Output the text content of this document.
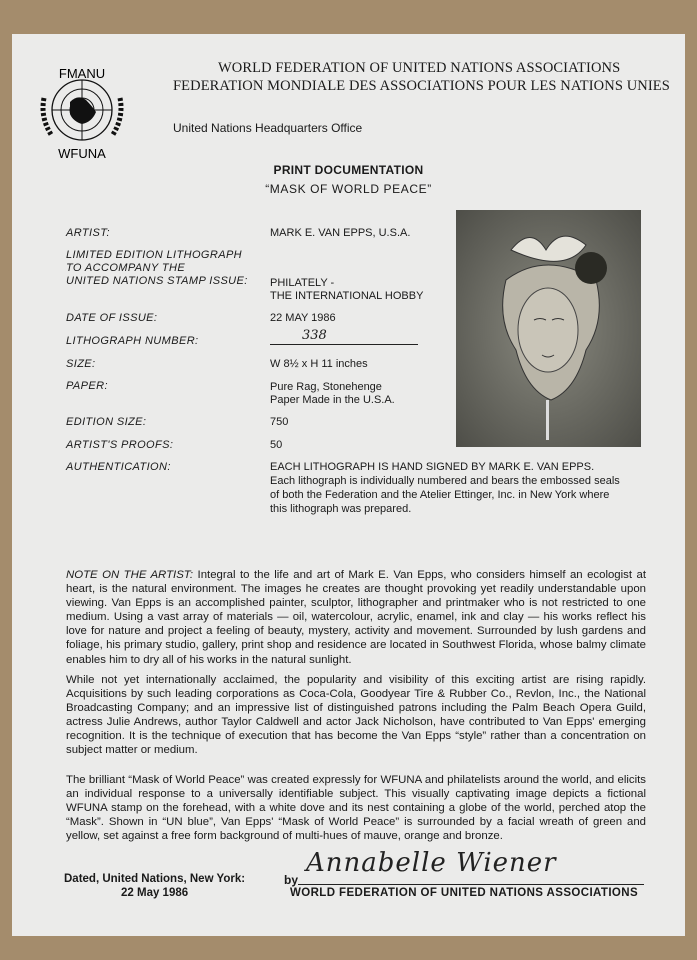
FMANU
WFUNA
WORLD FEDERATION OF UNITED NATIONS ASSOCIATIONS
FEDERATION MONDIALE DES ASSOCIATIONS POUR LES NATIONS UNIES
United Nations Headquarters Office
PRINT DOCUMENTATION
“MASK OF WORLD PEACE”
ARTIST:	MARK E. VAN EPPS, U.S.A.
LIMITED EDITION LITHOGRAPH
TO ACCOMPANY THE
UNITED NATIONS STAMP ISSUE: PHILATELY -
THE INTERNATIONAL HOBBY
DATE OF ISSUE:	22 MAY 1986
LITHOGRAPH NUMBER:	338
SIZE:	W 8½ x H 11 inches
PAPER:	Pure Rag, Stonehenge
Paper Made in the U.S.A.
EDITION SIZE:	750
ARTIST'S PROOFS:	50
AUTHENTICATION:	EACH LITHOGRAPH IS HAND SIGNED BY MARK E. VAN EPPS.
Each lithograph is individually numbered and bears the embossed seals
of both the Federation and the Atelier Ettinger, Inc. in New York where
this lithograph was prepared.

NOTE ON THE ARTIST: Integral to the life and art of Mark E. Van Epps, who considers himself an ecologist at heart, is the natural environment. The images he creates are thought provoking yet readily understandable upon viewing. Van Epps is an accomplished painter, sculptor, lithographer and printmaker who is not restricted to one medium. Using a vast array of materials — oil, watercolour, acrylic, enamel, ink and clay — his works reflect his love for nature and project a feeling of beauty, mystery, activity and movement. Surrounded by lush gardens and foliage, his primary studio, gallery, print shop and residence are located in Southwest Florida, whose balmy climate enables him to dry all of his works in the natural sunlight.

While not yet internationally acclaimed, the popularity and visibility of this exciting artist are rising rapidly. Acquisitions by such leading corporations as Coca-Cola, Goodyear Tire & Rubber Co., Revlon, Inc., the National Broadcasting Company; and an impressive list of distinguished patrons including the Palm Beach Opera Guild, actress Julie Andrews, author Taylor Caldwell and actor Jack Nicholson, have contributed to Van Epps' emerging recognition. It is the technique of execution that has become the Van Epps “style” rather than a concentration on subject matter or medium.

The brilliant “Mask of World Peace” was created expressly for WFUNA and philatelists around the world, and elicits an individual response to a universally identifiable subject. This visually captivating image depicts a fictional WFUNA stamp on the forehead, with a white dove and its nest containing a globe of the world, perched atop the “Mask”. Shown in “UN blue”, Van Epps' “Mask of World Peace” is surrounded by a facial wreath of green and yellow, set against a free form background of multi-hues of mauve, orange and bronze.

Dated, United Nations, New York:
22 May 1986
by
Annabelle Wiener
WORLD FEDERATION OF UNITED NATIONS ASSOCIATIONS
